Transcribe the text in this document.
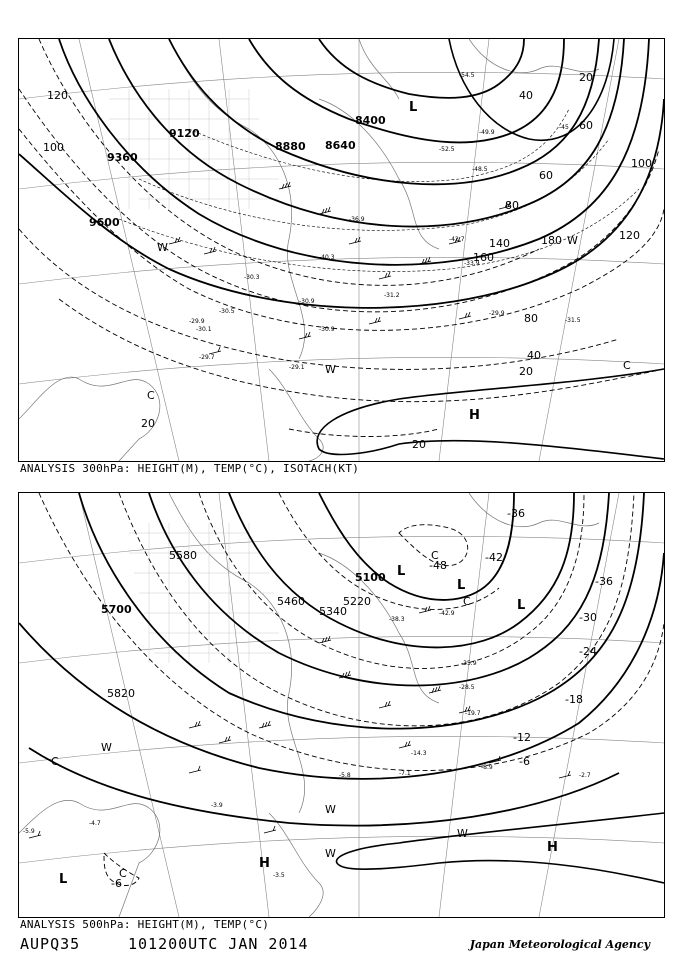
9600
9360
9120
8880 8640
8400
120
100
80
60
40
20
20
40
60
80
100
120
140
160
180
20
20
-54.5
-52.5
-49.9
-48.5
-45
-42.7
-40.3
-36.9
-33.9
-31.2
-30.9
-29.9
-31.5
-30.3
-30.9
-29.7
-30.5
-29.9
-30.1
-29.1
L
H
C
C
W
W
W
ANALYSIS 300hPa: HEIGHT(M), TEMP(°C), ISOTACH(KT)
5700
5580
5460
5340
5220
5100
5820
-48
-42
-36
-36
-30
-24
-18
-12
-6
-6
-42.9
-38.3
-35.9
-28.5
-19.7
-14.3
-8.9
-7.1
-5.8	-2.7
-3.9
-4.7
-5.9
-3.5
L
L
L
H
H
C
C
C
C
W
W
W
W
L
ANALYSIS 500hPa: HEIGHT(M), TEMP(°C)
AUPQ35	101200UTC JAN 2014	Japan Meteorological Agency
